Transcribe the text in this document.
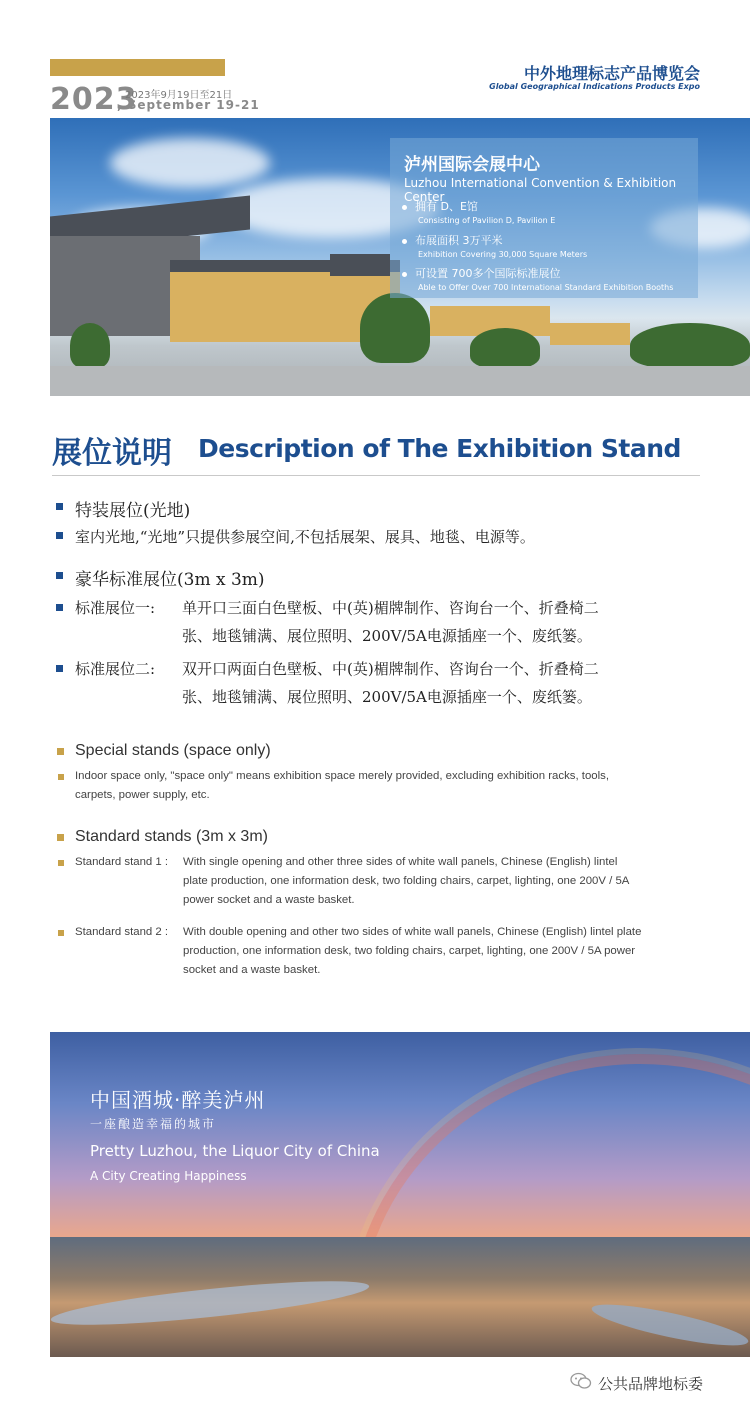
2023
2023年9月19日至21日
, September 19-21
中外地理标志产品博览会
Global Geographical Indications Products Expo
泸州国际会展中心
Luzhou International Convention & Exhibition Center
拥有 D、E馆
Consisting of Pavilion D, Pavilion E
布展面积 3万平米
Exhibition Covering 30,000 Square Meters
可设置 700多个国际标准展位
Able to Offer Over 700 International Standard Exhibition Booths
展位说明 Description of The Exhibition Stand
特装展位(光地)
室内光地,“光地”只提供参展空间,不包括展架、展具、地毯、电源等。
豪华标准展位(3m x 3m)
标准展位一: 单开口三面白色壁板、中(英)楣牌制作、咨询台一个、折叠椅二
张、地毯铺满、展位照明、200V/5A电源插座一个、废纸篓。
标准展位二: 双开口两面白色壁板、中(英)楣牌制作、咨询台一个、折叠椅二
张、地毯铺满、展位照明、200V/5A电源插座一个、废纸篓。
Special stands (space only)
Indoor space only, "space only" means exhibition space merely provided, excluding exhibition racks, tools,
carpets, power supply, etc.
Standard stands (3m x 3m)
Standard stand 1 : With single opening and other three sides of white wall panels, Chinese (English) lintel
plate production, one information desk, two folding chairs, carpet, lighting, one 200V / 5A
power socket and a waste basket.
Standard stand 2 : With double opening and other two sides of white wall panels, Chinese (English) lintel plate
production, one information desk, two folding chairs, carpet, lighting, one 200V / 5A power
socket and a waste basket.
中国酒城·醉美泸州
一座酿造幸福的城市
Pretty Luzhou, the Liquor City of China
A City Creating Happiness
公共品牌地标委
